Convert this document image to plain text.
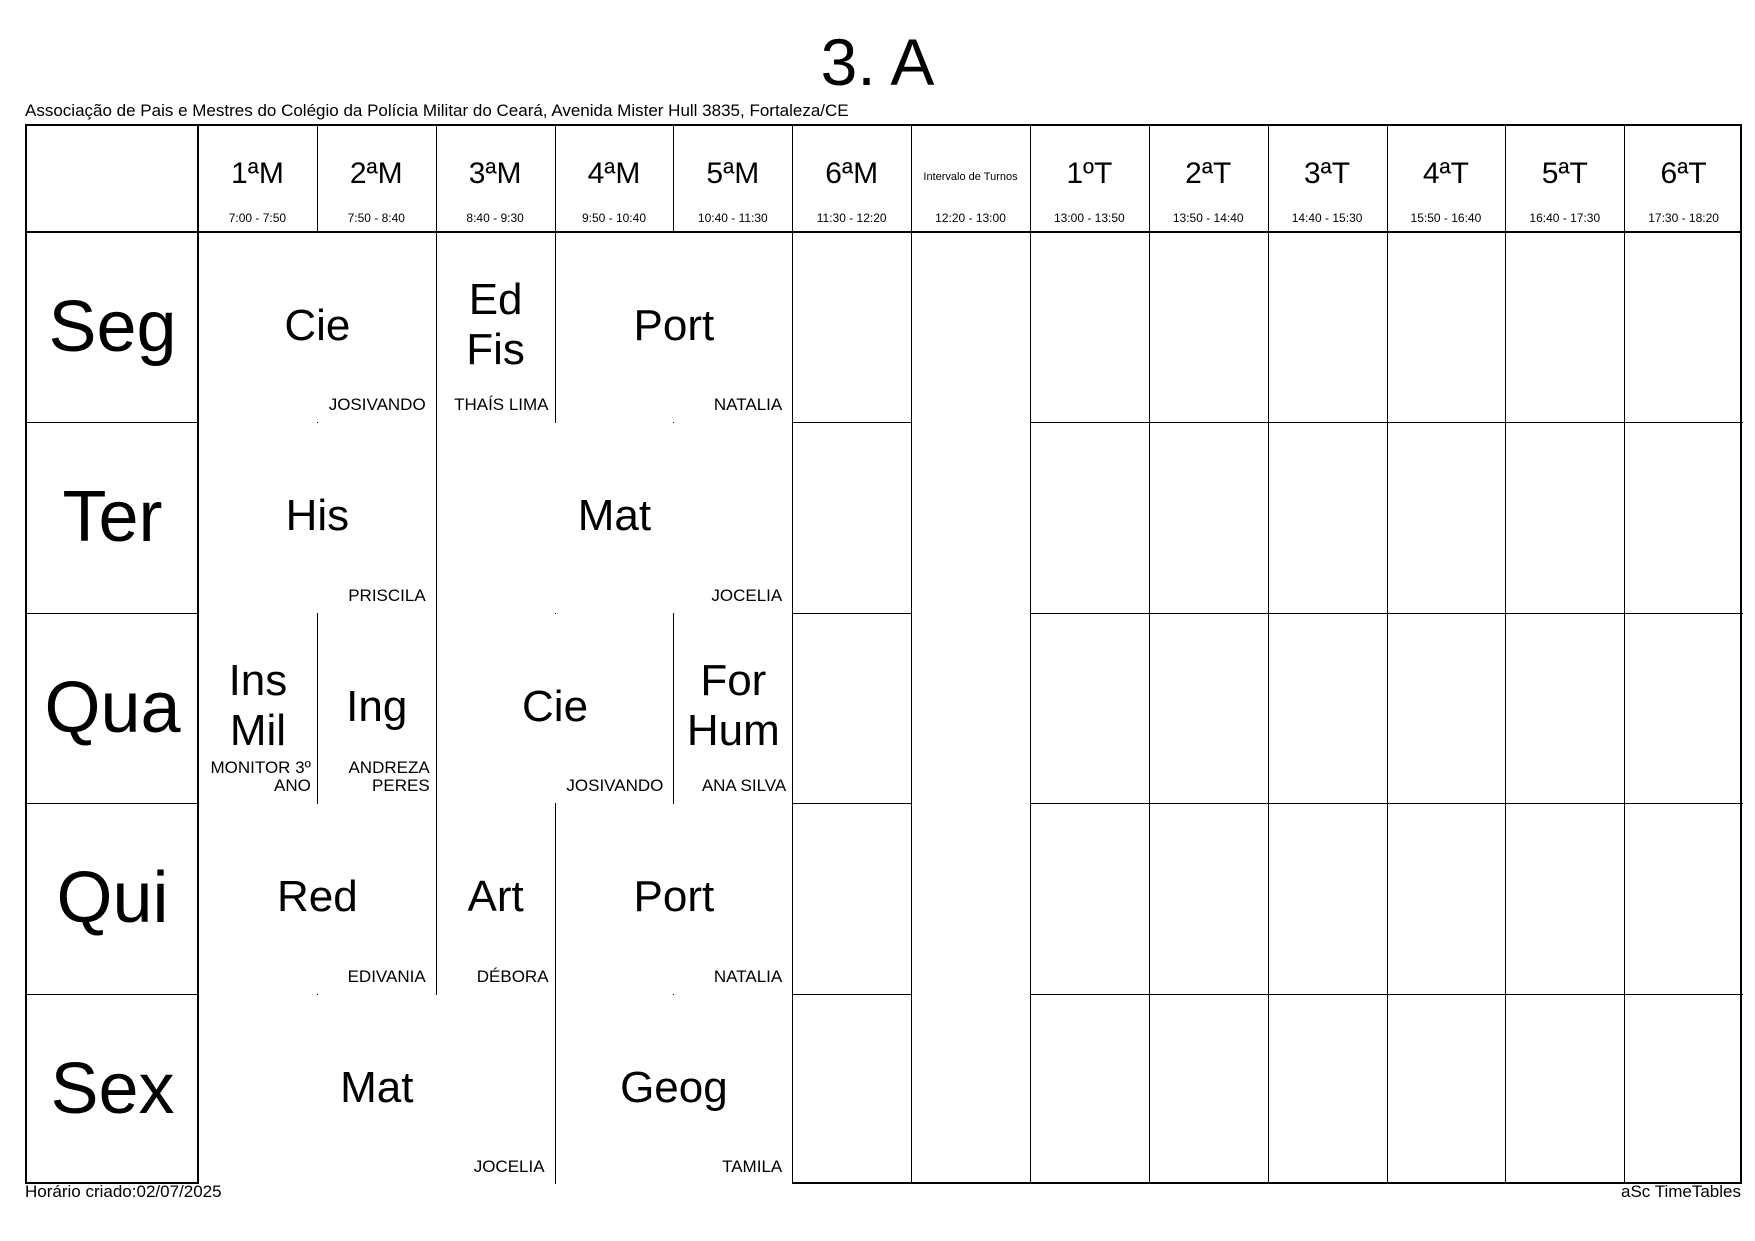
3. A
Associação de Pais e Mestres do Colégio da Polícia Militar do Ceará, Avenida Mister Hull 3835, Fortaleza/CE
1ªM
7:00 - 7:50
2ªM
7:50 - 8:40
3ªM
8:40 - 9:30
4ªM
9:50 - 10:40
5ªM
10:40 - 11:30
6ªM
11:30 - 12:20
Intervalo de Turnos
12:20 - 13:00
1ºT
13:00 - 13:50
2ªT
13:50 - 14:40
3ªT
14:40 - 15:30
4ªT
15:50 - 16:40
5ªT
16:40 - 17:30
6ªT
17:30 - 18:20
Seg
Ter
Qua
Qui
Sex
Cie
JOSIVANDO
Ed Fis
THAÍS LIMA
Port
NATALIA
His
PRISCILA
Mat
JOCELIA
Ins Mil
MONITOR 3º ANO
Ing
ANDREZA PERES
Cie
JOSIVANDO
For Hum
ANA SILVA
Red
EDIVANIA
Art
DÉBORA
Port
NATALIA
Mat
JOCELIA
Geog
TAMILA
Horário criado:02/07/2025	aSc TimeTables
